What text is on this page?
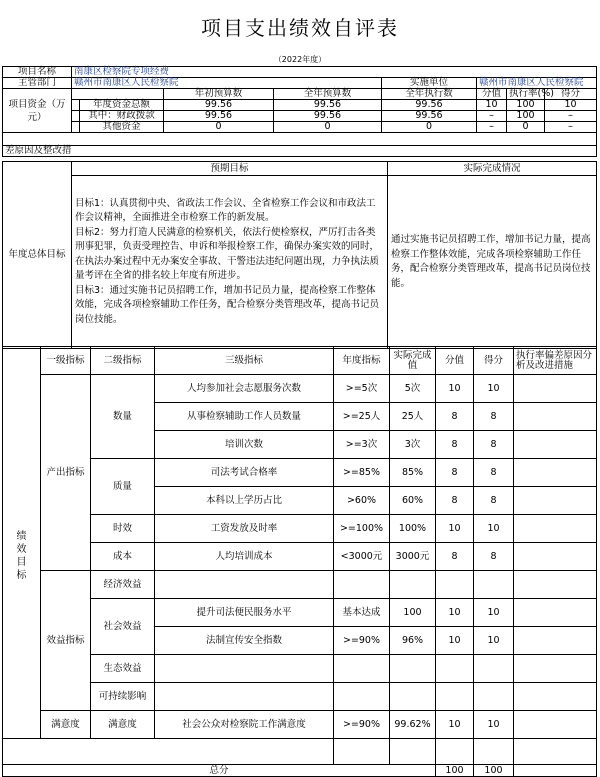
项目支出绩效自评表
（2022年度）
项目名称	南康区检察院专项经费							
主管部门	赣州市南康区人民检察院				实施单位	赣州市南康区人民检察院		
项目资金（万元）			年初预算数	全年预算数	全年执行数	分值	执行率(%)	得分
		年度资金总额	99.56	99.56	99.56	10	100	10
		其中：财政拨款	99.56	99.56	99.56	–	100	–
		其他资金	0	0	0	–	0	–

差原因及整改措								
年度总体目标	预期目标	实际完成情况
	目标1：认真贯彻中央、省政法工作会议、全省检察工作会议和市政法工作会议精神，全面推进全市检察工作的新发展。
目标2：努力打造人民满意的检察机关，依法行使检察权，严厉打击各类刑事犯罪，负责受理控告、申诉和举报检察工作，确保办案实效的同时，在执法办案过程中无办案安全事故、干警违法违纪问题出现，力争执法质量考评在全省的排名较上年度有所进步。
目标3：通过实施书记员招聘工作，增加书记员力量，提高检察工作整体效能，完成各项检察辅助工作任务，配合检察分类管理改革，提高书记员岗位技能。	通过实施书记员招聘工作，增加书记力量，提高检察工作整体效能，完成各项检察辅助工作任务，配合检察分类管理改革，提高书记员岗位技能。
	一级指标	二级指标	三级指标	年度指标	实际完成值	分值	得分	执行率偏差原因分析及改进措施

绩效目标	产出指标	数量	人均参加社会志愿服务次数	>=5次	5次	10	10	
			从事检察辅助工作人员数量	>=25人	25人	8	8	
			培训次数	>=3次	3次	8	8	
		质量	司法考试合格率	>=85%	85%	8	8	
			本科以上学历占比	>60%	60%	8	8	
		时效	工资发放及时率	>=100%	100%	10	10	
		成本	人均培训成本	<3000元	3000元	8	8	
	效益指标	经济效益						
		社会效益	提升司法便民服务水平	基本达成	100	10	10	
			法制宣传安全指数	>=90%	96%	10	10	
		生态效益						
		可持续影响						
	满意度	满意度	社会公众对检察院工作满意度	>=90%	99.62%	10	10	

总分						100	100	
